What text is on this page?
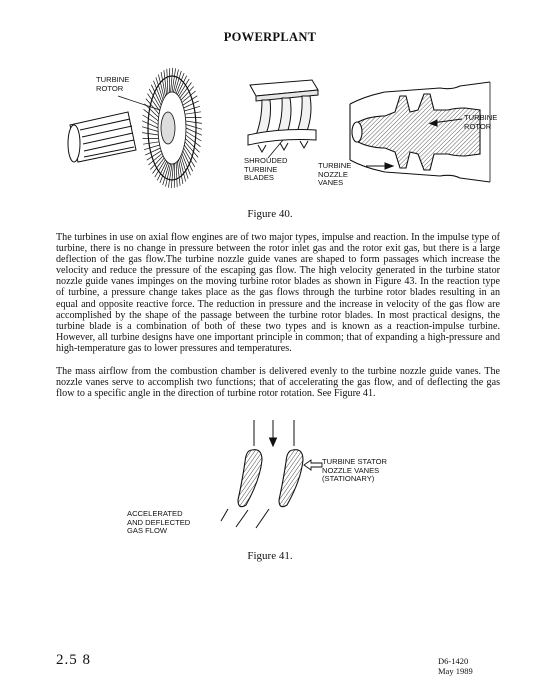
POWERPLANT
TURBINE
ROTOR
SHROUDED
TURBINE
BLADES
TURBINE
ROTOR
TURBINE
NOZZLE
VANES
Figure 40.

The turbines in use on axial flow engines are of two major types, impulse and reaction. In the impulse type of turbine, there is no change in pressure between the rotor inlet gas and the rotor exit gas, but there is a large deflection of the gas flow.The turbine nozzle guide vanes are shaped to form passages which increase the velocity and reduce the pressure of the escaping gas flow. The high velocity generated in the turbine stator nozzle guide vanes impinges on the moving turbine rotor blades as shown in Figure 43. In the reaction type of turbine, a pressure change takes place as the gas flows through the turbine rotor blades resulting in an equal and opposite reactive force. The reduction in pressure and the increase in velocity of the gas flow are accomplished by the shape of the passage between the turbine rotor blades. In most practical designs, the turbine blade is a combination of both of these two types and is known as a reaction-impulse turbine. However, all turbine designs have one important principle in common; that of expanding a high-pressure and high-temperature gas to lower pressures and temperatures.

The mass airflow from the combustion chamber is delivered evenly to the turbine nozzle guide vanes. The nozzle vanes serve to accomplish two functions; that of accelerating the gas flow, and of deflecting the gas flow to a specific angle in the direction of turbine rotor rotation. See Figure 41.

TURBINE STATOR
NOZZLE VANES
(STATIONARY)
ACCELERATED
AND DEFLECTED
GAS FLOW
Figure 41.
2.5 8	D6-1420
May 1989
